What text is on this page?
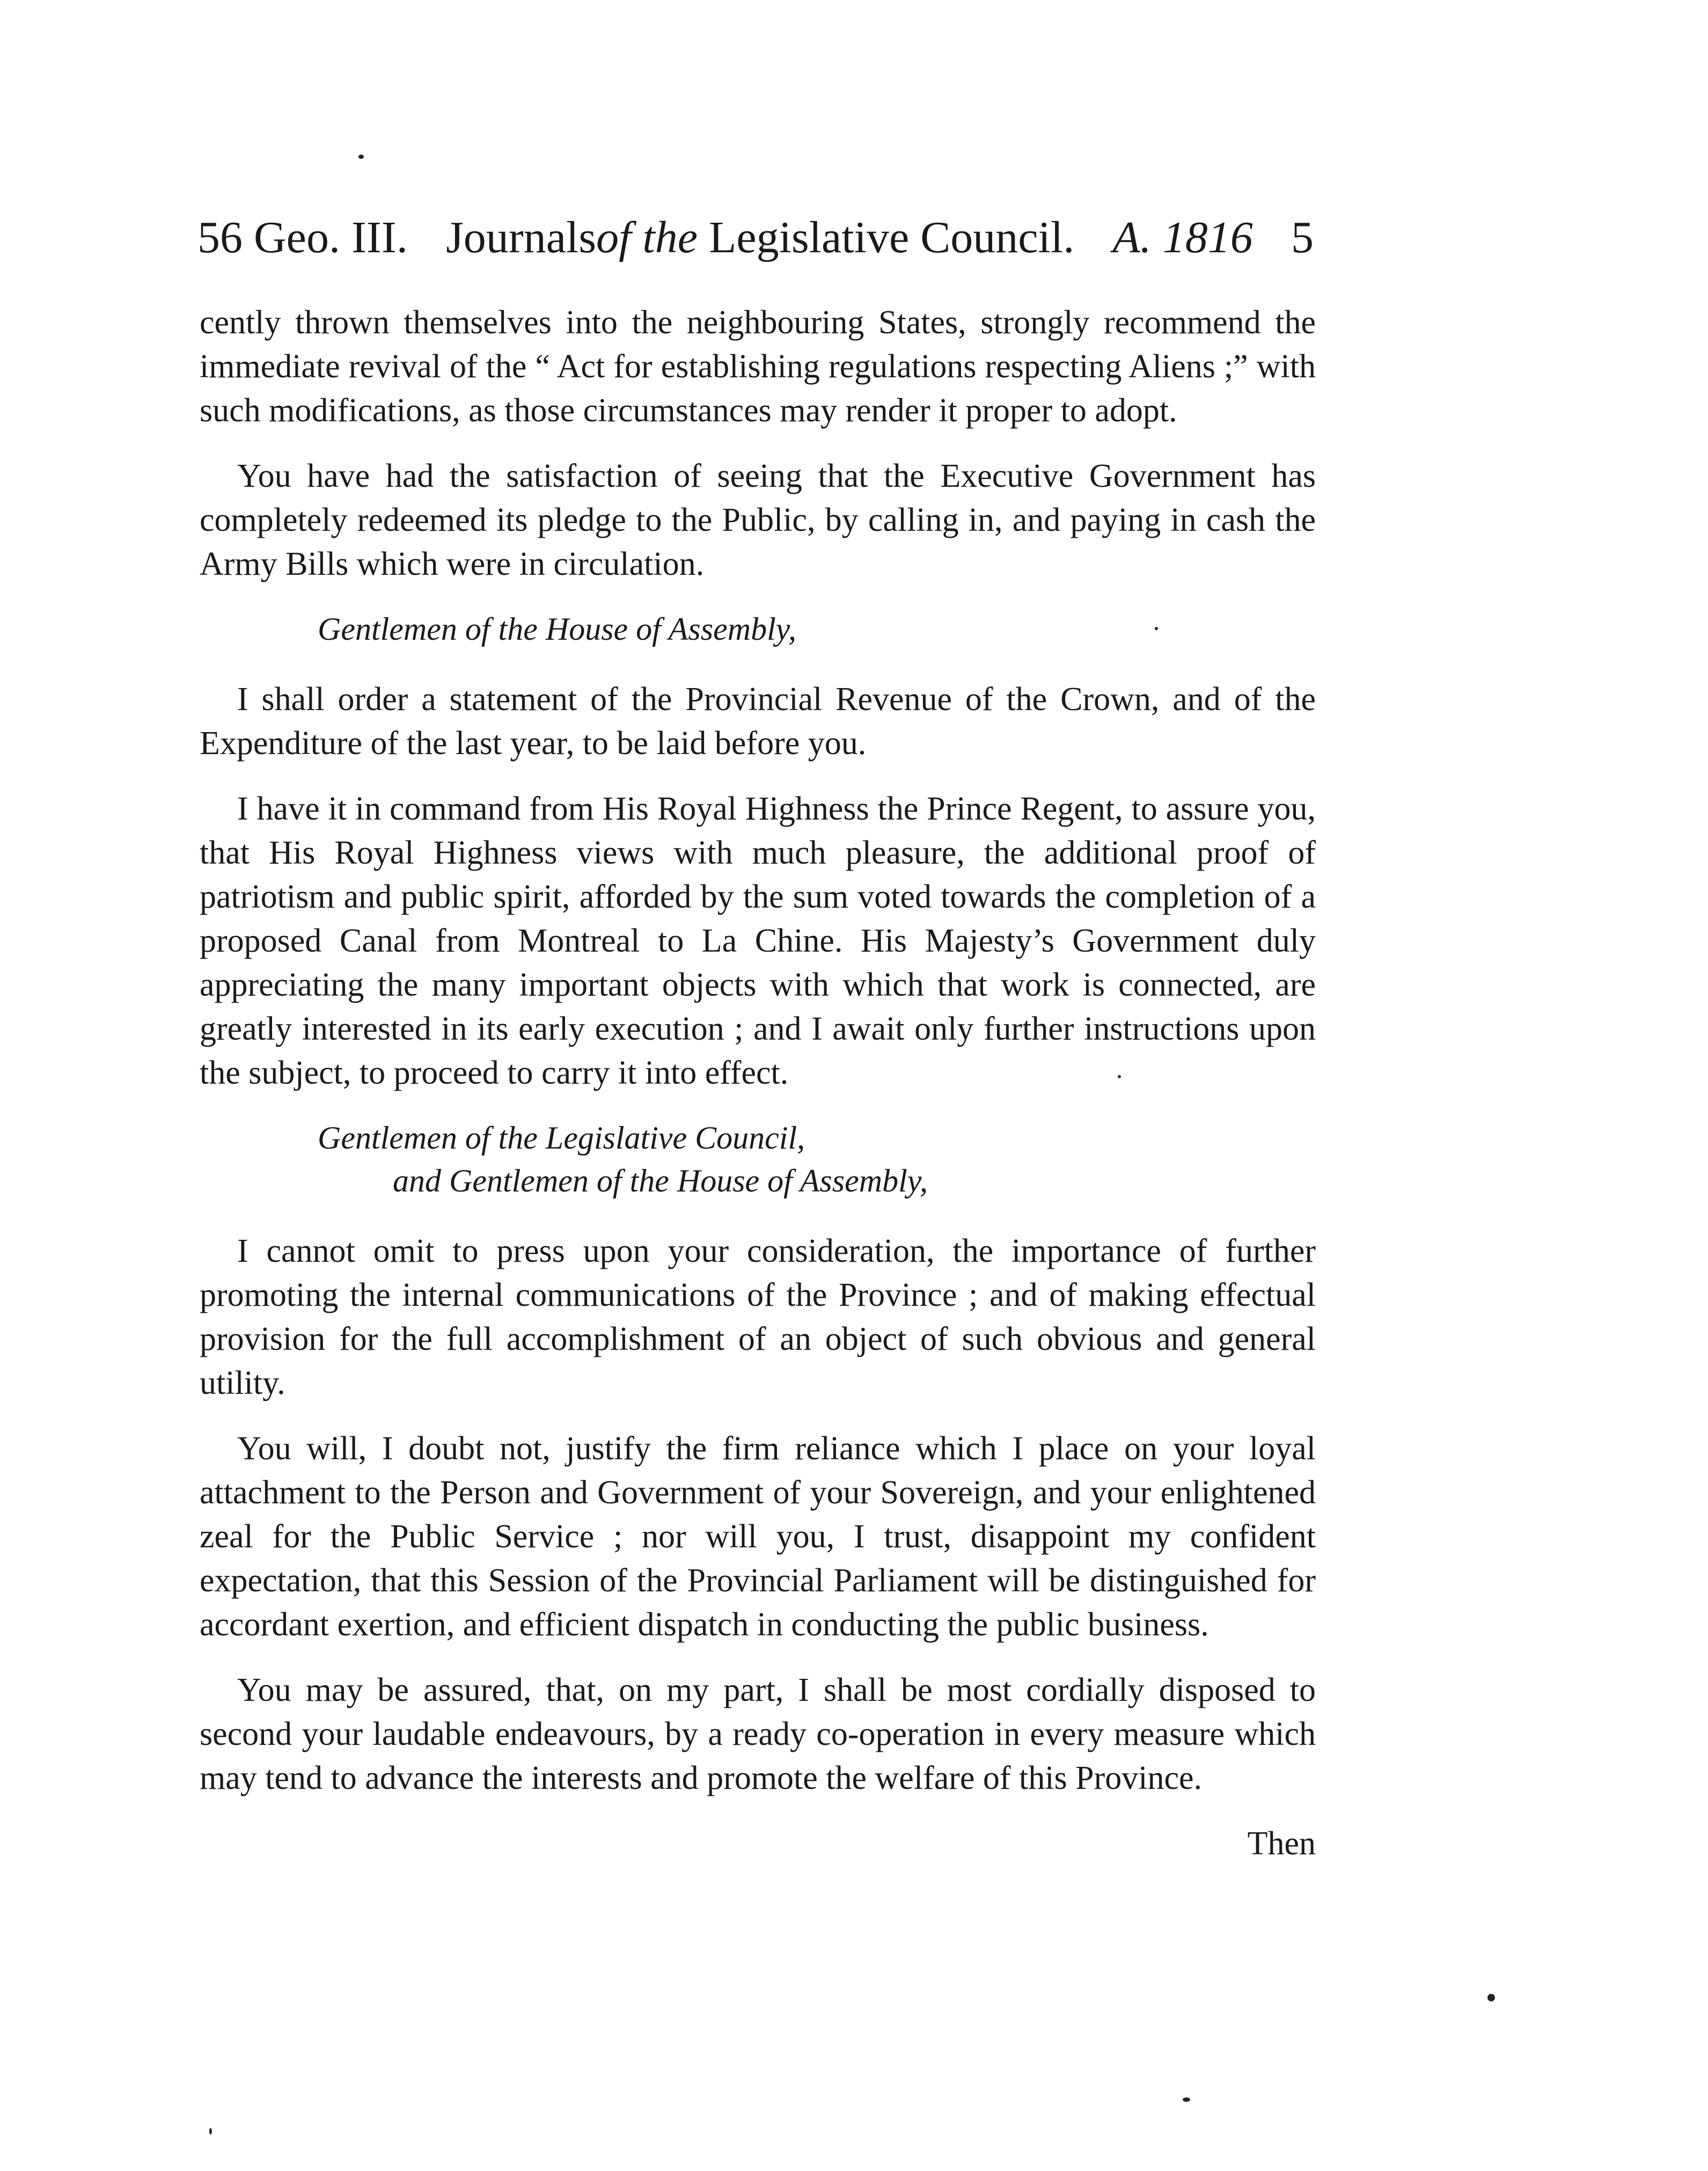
56 Geo. III. Journalsof the Legislative Council. A. 1816 5

cently thrown themselves into the neighbouring States, strongly recommend the immediate revival of the “ Act for establishing regulations respecting Aliens ;” with such modifications, as those circumstances may render it proper to adopt.

You have had the satisfaction of seeing that the Executive Government has completely redeemed its pledge to the Public, by calling in, and paying in cash the Army Bills which were in circulation.

Gentlemen of the House of Assembly,

I shall order a statement of the Provincial Revenue of the Crown, and of the Expenditure of the last year, to be laid before you.

I have it in command from His Royal Highness the Prince Regent, to assure you, that His Royal Highness views with much pleasure, the additional proof of patriotism and public spirit, afforded by the sum voted towards the completion of a proposed Canal from Montreal to La Chine. His Majesty’s Government duly appreciating the many important objects with which that work is connected, are greatly interested in its early execution ; and I await only further instructions upon the subject, to proceed to carry it into effect.

Gentlemen of the Legislative Council,
and Gentlemen of the House of Assembly,

I cannot omit to press upon your consideration, the importance of further promoting the internal communications of the Province ; and of making effectual provision for the full accomplishment of an object of such obvious and general utility.

You will, I doubt not, justify the firm reliance which I place on your loyal attachment to the Person and Government of your Sovereign, and your enlightened zeal for the Public Service ; nor will you, I trust, disappoint my confident expectation, that this Session of the Provincial Parliament will be distinguished for accordant exertion, and efficient dispatch in conducting the public business.

You may be assured, that, on my part, I shall be most cordially disposed to second your laudable endeavours, by a ready co-operation in every measure which may tend to advance the interests and promote the welfare of this Province.

Then
